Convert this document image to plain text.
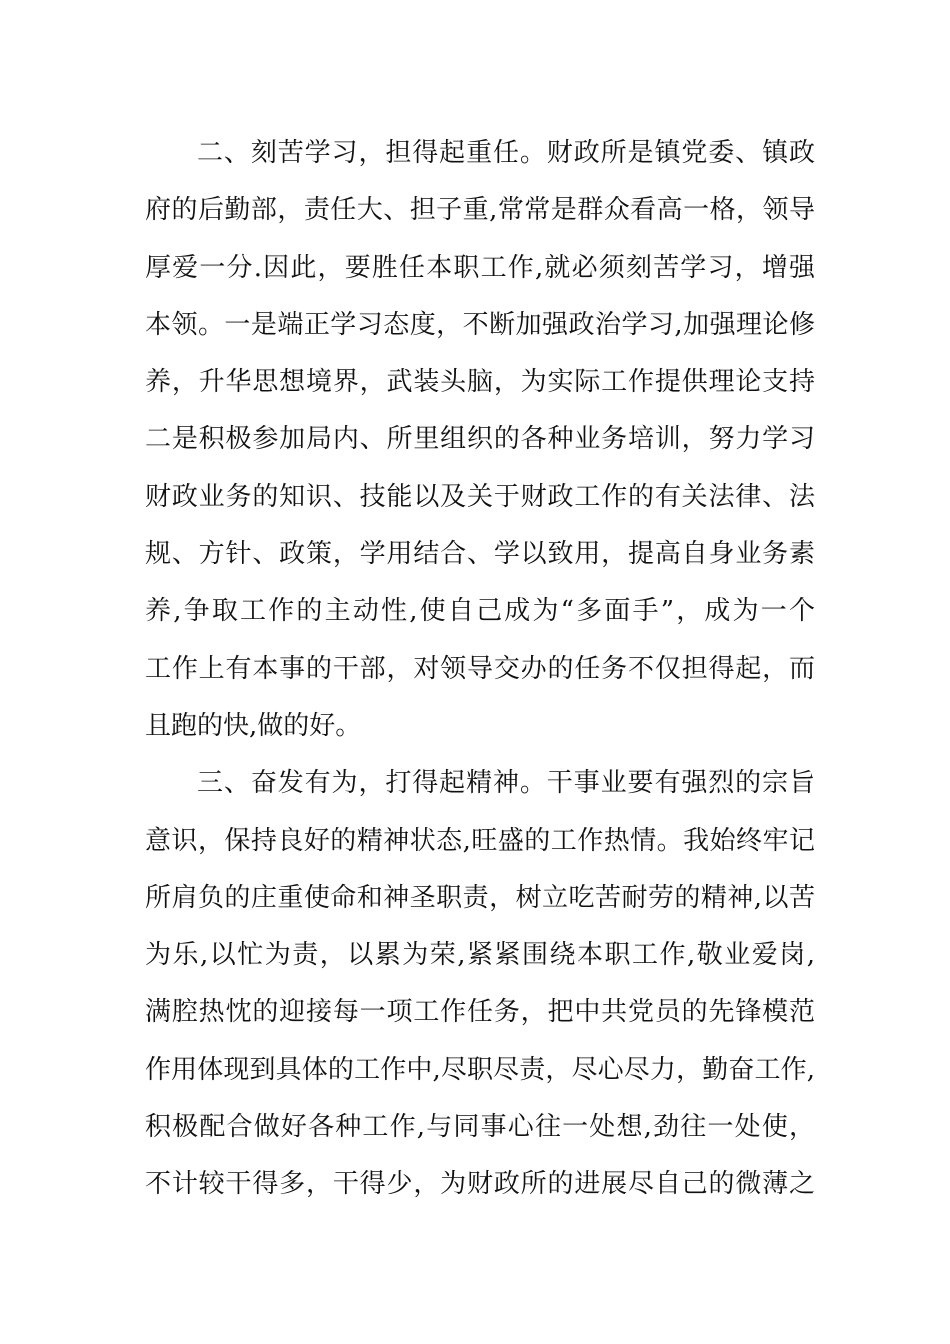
二、刻苦学习，担得起重任。财政所是镇党委、镇政
府的后勤部，责任大、担子重,常常是群众看高一格，领导
厚爱一分.因此，要胜任本职工作,就必须刻苦学习，增强
本领。一是端正学习态度，不断加强政治学习,加强理论修
养，升华思想境界，武装头脑，为实际工作提供理论支持
二是积极参加局内、所里组织的各种业务培训，努力学习
财政业务的知识、技能以及关于财政工作的有关法律、法
规、方针、政策，学用结合、学以致用，提高自身业务素
养,争取工作的主动性,使自己成为“多面手”，成为一个
工作上有本事的干部，对领导交办的任务不仅担得起，而
且跑的快,做的好。
三、奋发有为，打得起精神。干事业要有强烈的宗旨
意识，保持良好的精神状态,旺盛的工作热情。我始终牢记
所肩负的庄重使命和神圣职责，树立吃苦耐劳的精神,以苦
为乐,以忙为责，以累为荣,紧紧围绕本职工作,敬业爱岗,
满腔热忱的迎接每一项工作任务，把中共党员的先锋模范
作用体现到具体的工作中,尽职尽责，尽心尽力，勤奋工作,
积极配合做好各种工作,与同事心往一处想,劲往一处使，
不计较干得多，干得少，为财政所的进展尽自己的微薄之
